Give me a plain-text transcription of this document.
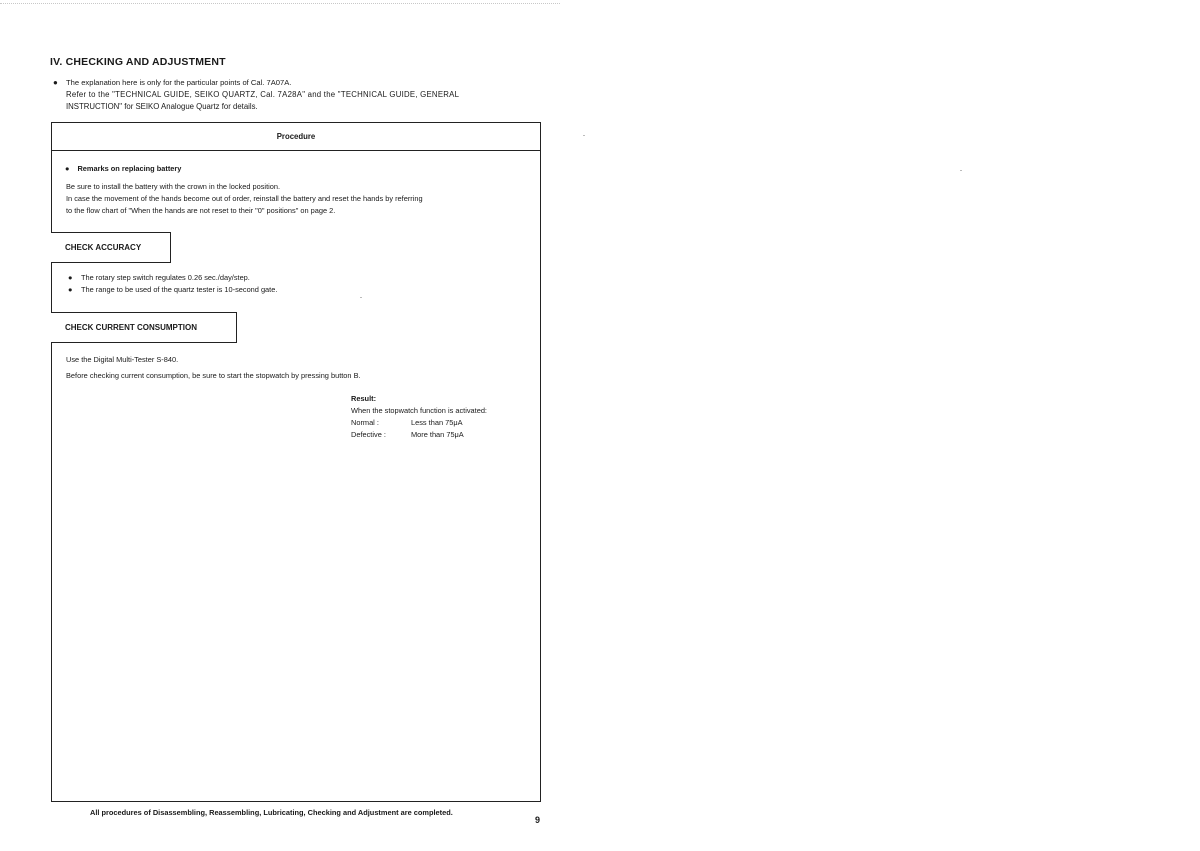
IV. CHECKING AND ADJUSTMENT
● The explanation here is only for the particular points of Cal. 7A07A.
Refer to the "TECHNICAL GUIDE, SEIKO QUARTZ, Cal. 7A28A" and the "TECHNICAL GUIDE, GENERAL
INSTRUCTION" for SEIKO Analogue Quartz for details.
Procedure
● Remarks on replacing battery
Be sure to install the battery with the crown in the locked position.
In case the movement of the hands become out of order, reinstall the battery and reset the hands by referring
to the flow chart of "When the hands are not reset to their "0" positions" on page 2.
CHECK ACCURACY
● The rotary step switch regulates 0.26 sec./day/step.
● The range to be used of the quartz tester is 10-second gate.
CHECK CURRENT CONSUMPTION
Use the Digital Multi-Tester S-840.
Before checking current consumption, be sure to start the stopwatch by pressing button B.
Result:
When the stopwatch function is activated:
Normal :	Less than 75μA
Defective :	More than 75μA
All procedures of Disassembling, Reassembling, Lubricating, Checking and Adjustment are completed.
9
